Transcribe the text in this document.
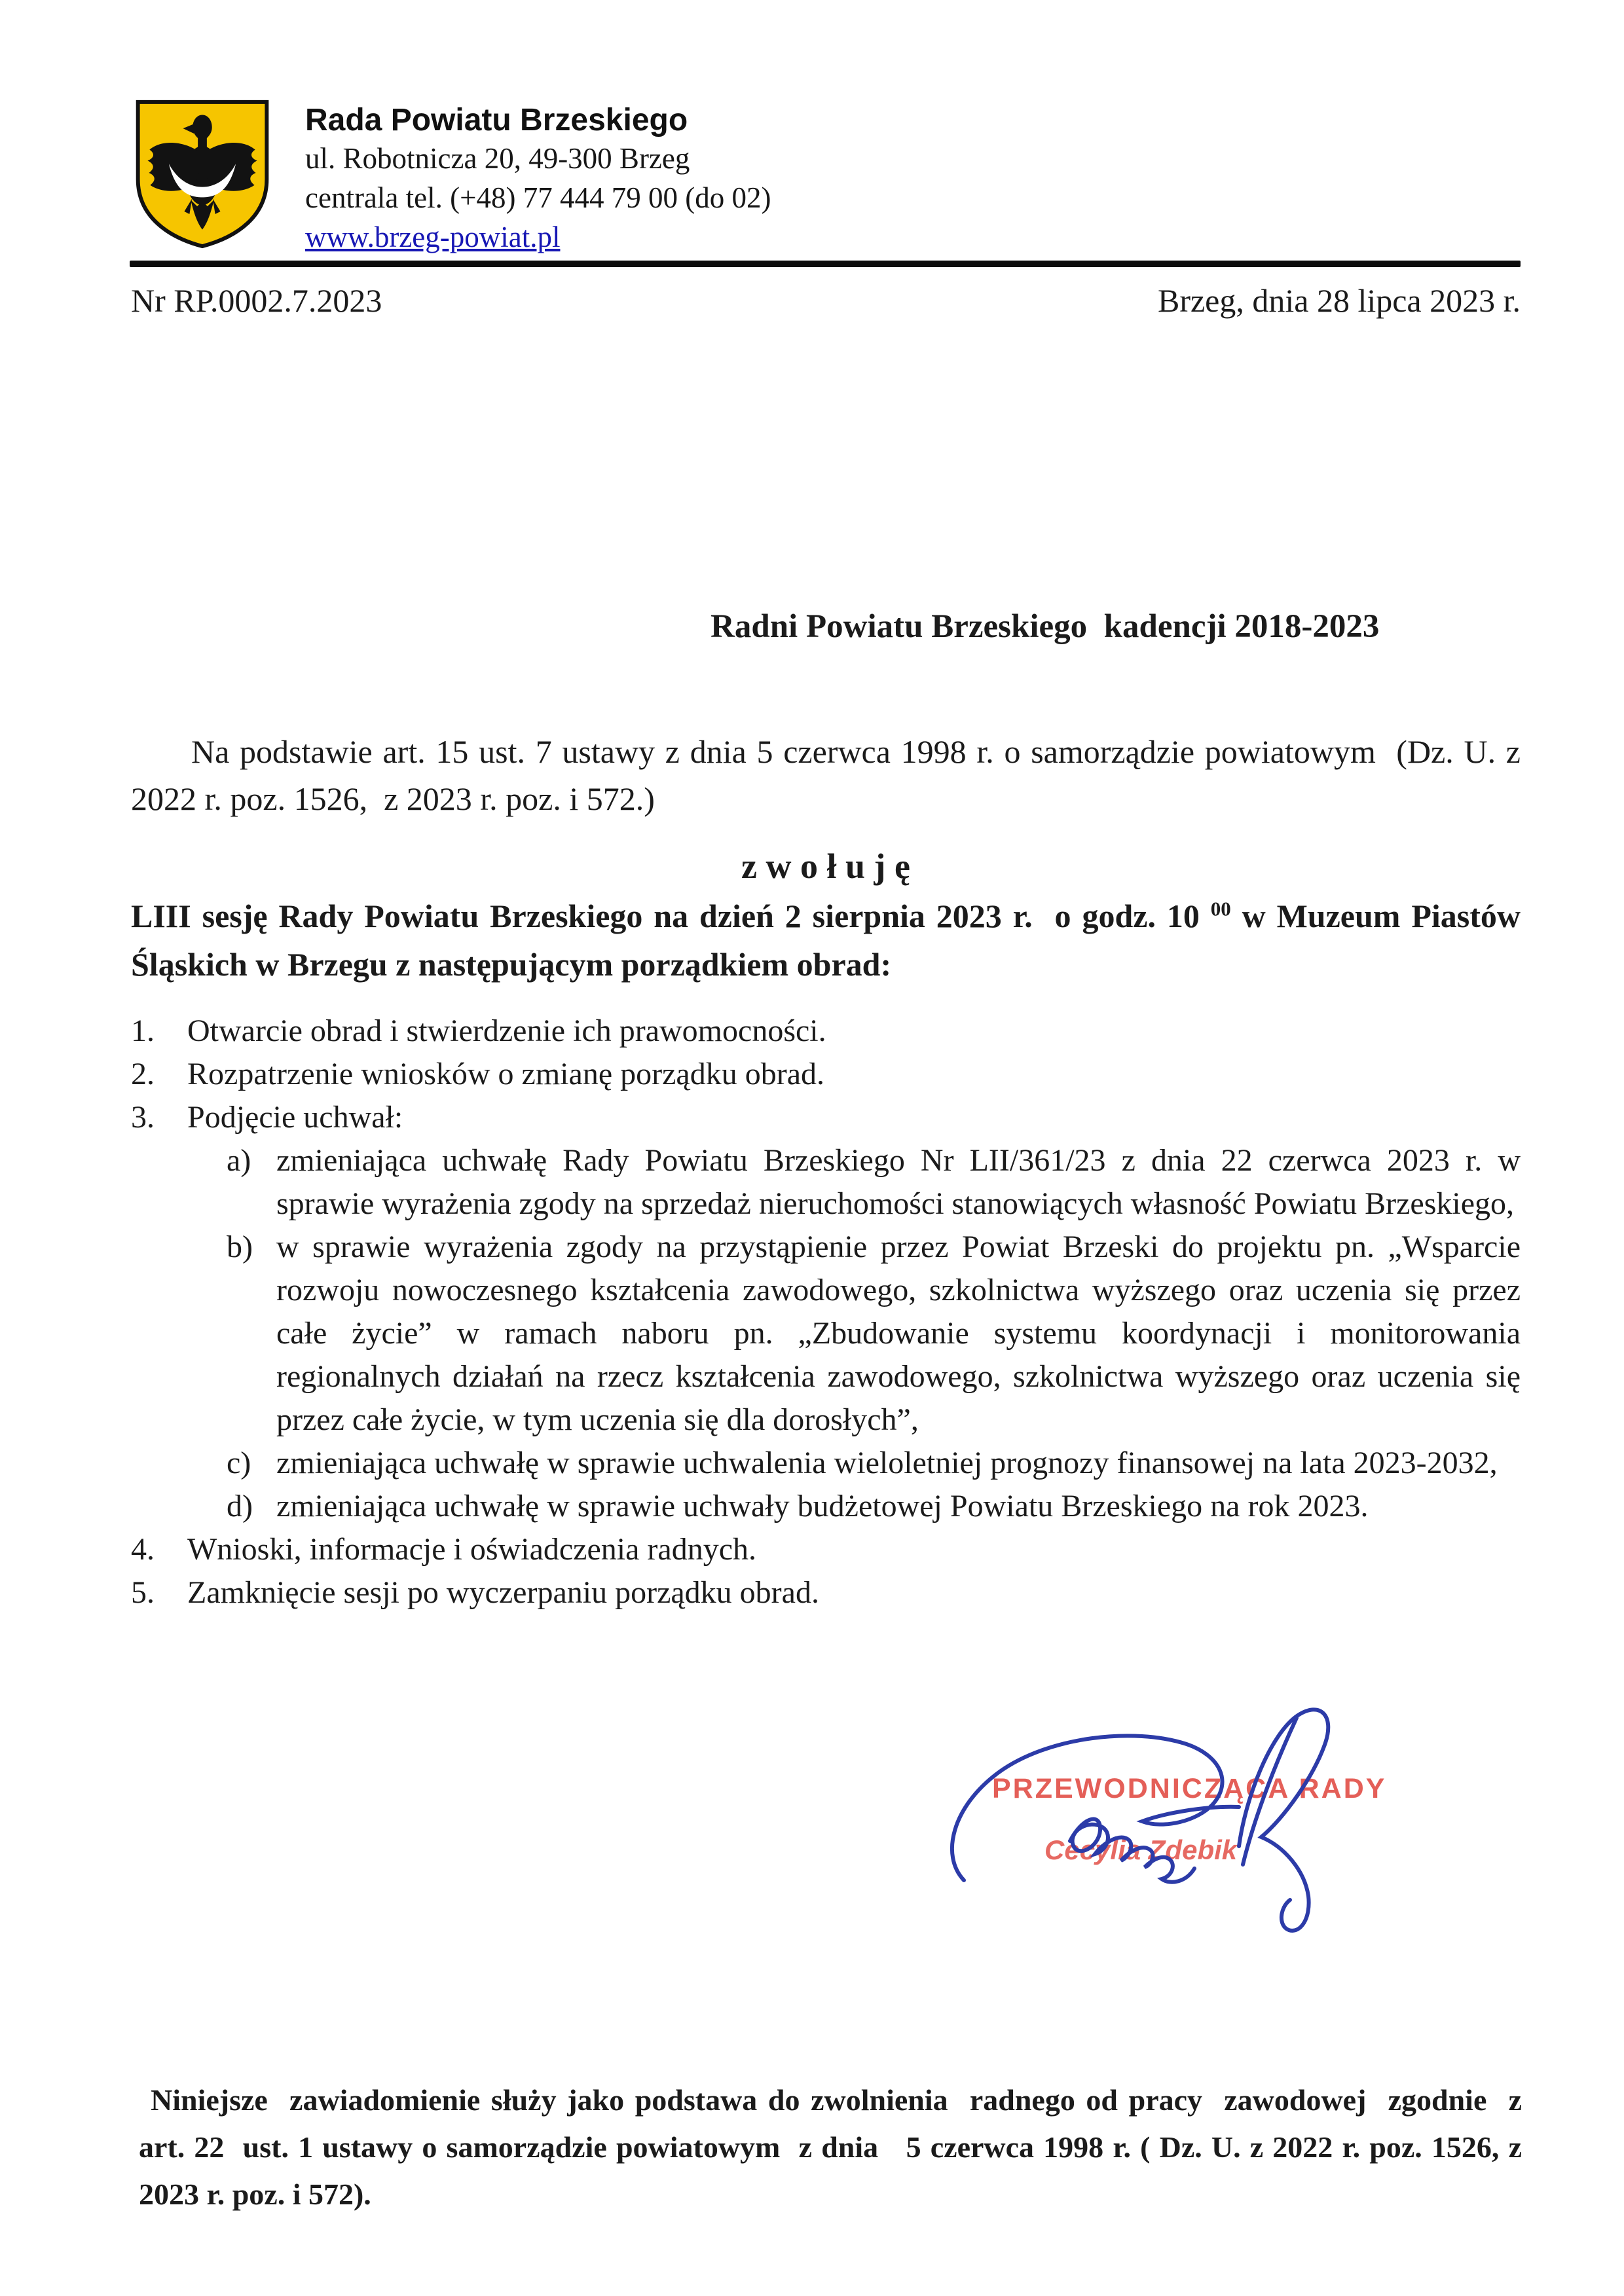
Rada Powiatu Brzeskiego
ul. Robotnicza 20, 49-300 Brzeg
centrala tel. (+48) 77 444 79 00 (do 02)
www.brzeg-powiat.pl
Nr RP.0002.7.2023	Brzeg, dnia 28 lipca 2023 r.
Radni Powiatu Brzeskiego  kadencji 2018-2023

Na podstawie art. 15 ust. 7 ustawy z dnia 5 czerwca 1998 r. o samorządzie powiatowym  (Dz. U. z 2022 r. poz. 1526,  z 2023 r. poz. i 572.)

z w o ł u j ę

LIII sesję Rady Powiatu Brzeskiego na dzień 2 sierpnia 2023 r.  o godz. 10 $^{00}$ w Muzeum Piastów Śląskich w Brzegu z następującym porządkiem obrad:

1.	Otwarcie obrad i stwierdzenie ich prawomocności.
2.	Rozpatrzenie wniosków o zmianę porządku obrad.
3.	Podjęcie uchwał:
a) zmieniająca uchwałę Rady Powiatu Brzeskiego Nr LII/361/23 z dnia 22 czerwca 2023 r. w sprawie wyrażenia zgody na sprzedaż nieruchomości stanowiących własność Powiatu Brzeskiego,
b) w sprawie wyrażenia zgody na przystąpienie przez Powiat Brzeski do projektu pn. „Wsparcie rozwoju nowoczesnego kształcenia zawodowego, szkolnictwa wyższego oraz uczenia się przez całe życie” w ramach naboru pn. „Zbudowanie systemu koordynacji i monitorowania regionalnych działań na rzecz kształcenia zawodowego, szkolnictwa wyższego oraz uczenia się przez całe życie, w tym uczenia się dla dorosłych”,
c) zmieniająca uchwałę w sprawie uchwalenia wieloletniej prognozy finansowej na lata 2023-2032,
d) zmieniająca uchwałę w sprawie uchwały budżetowej Powiatu Brzeskiego na rok 2023.
4.	Wnioski, informacje i oświadczenia radnych.
5.	Zamknięcie sesji po wyczerpaniu porządku obrad.
PRZEWODNICZĄCA RADY
Cecylia Zdebik

Niniejsze  zawiadomienie służy jako podstawa do zwolnienia  radnego od pracy  zawodowej  zgodnie  z  art. 22  ust. 1 ustawy o samorządzie powiatowym  z dnia   5 czerwca 1998 r. ( Dz. U. z 2022 r. poz. 1526, z 2023 r. poz. i 572).
